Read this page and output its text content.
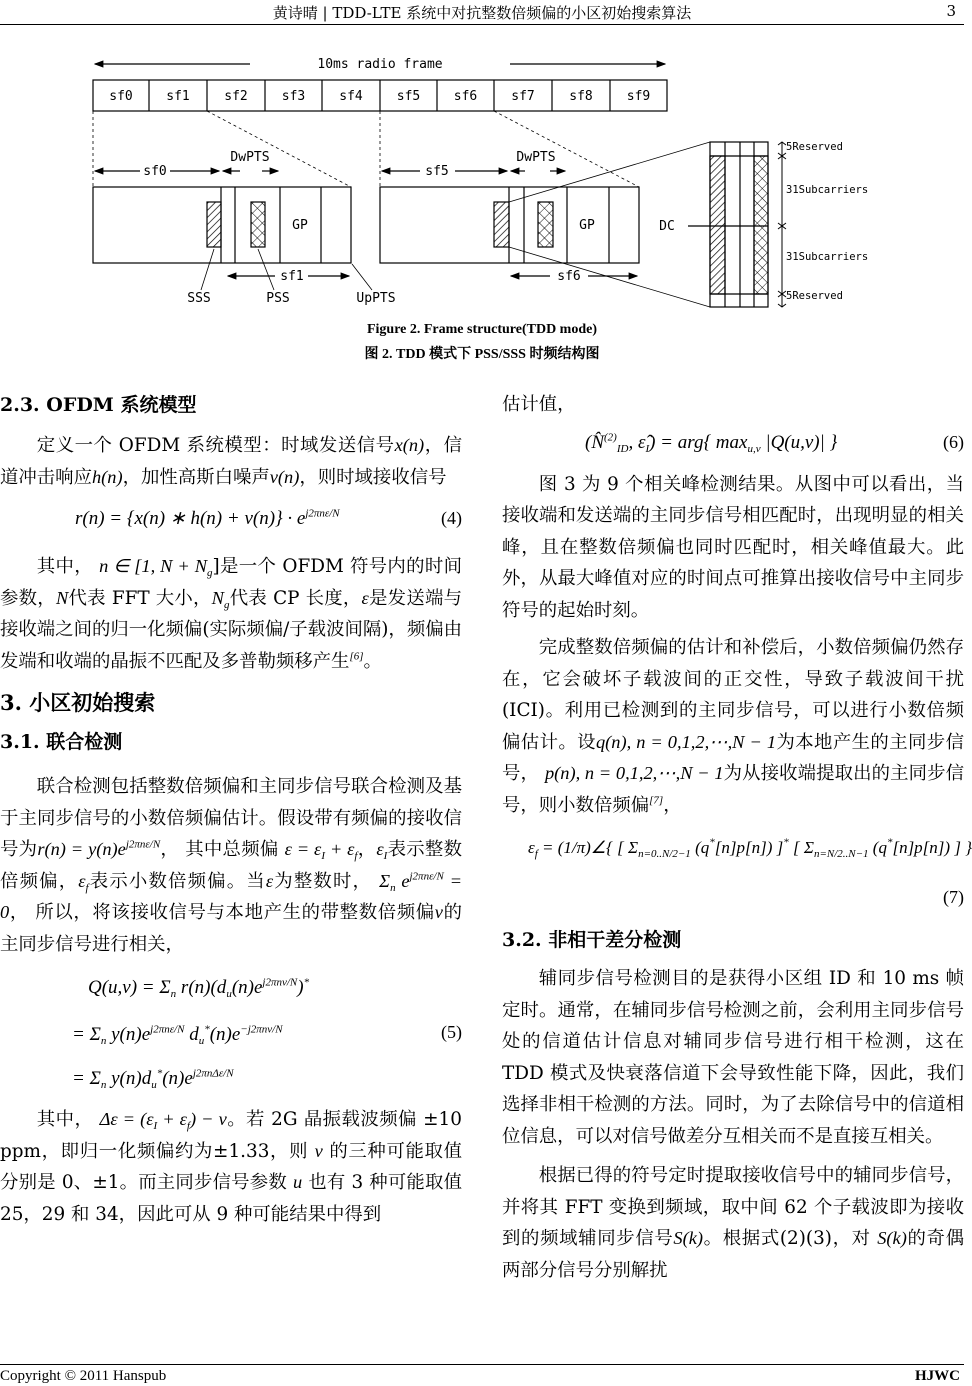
黄诗晴 | TDD-LTE 系统中对抗整数倍频偏的小区初始搜索算法	3
10ms radio frame
sf0	sf1	sf2	sf3	sf4	sf5	sf6	sf7	sf8	sf9
sf0
DwPTS
sf5
DwPTS
GP	GP
sf1	sf6
SSS	PSS	UpPTS
DC
5Reserved
31Subcarriers
31Subcarriers
5Reserved
Figure 2. Frame structure(TDD mode)
图 2. TDD 模式下 PSS/SSS 时频结构图
2.3. OFDM 系统模型
定义一个 OFDM 系统模型：时域发送信号x(n)，信道冲击响应h(n)，加性高斯白噪声v(n)，则时域接收信号
r(n) = {x(n) ∗ $h(n) + v(n)\} \cdot e^{j2\pi n\varepsilon/N}$	(4)
其中， n ∈ [1, $N + N_g$]是一个 OFDM 符号内的时间参数，N代表 FFT 大小，$N_g$代表 CP 长度，ε是发送端与接收端之间的归一化频偏(实际频偏/子载波间隔)，频偏由发端和收端的晶振不匹配及多普勒频移产生[6]。
3. 小区初始搜索
3.1. 联合检测
联合检测包括整数倍频偏和主同步信号联合检测及基于主同步信号的小数倍频偏估计。假设带有频偏的接收信号为$r(n) = y(n)e^{j2\pi n\varepsilon/N}$， 其中总频偏 $\varepsilon = \varepsilon_I + \varepsilon_f$，$\varepsilon_I$表示整数倍频偏，$\varepsilon_f$表示小数倍频偏。当ε为整数时， $\Sigma_n$ $e^{j2\pi n\varepsilon/N} = 0$， 所以，将该接收信号与本地产生的带整数倍频偏v的主同步信号进行相关，
$Q(u,v) = \Sigma_n$ $r(n)(d_u(n)e^{j2\pi nv/N})^*$
= $\Sigma_n$ $y(n)e^{j2\pi n\varepsilon/N}$ $d_u^*(n)e^{-j2\pi nv/N}$
= $\Sigma_n$ $y(n)d_u^*(n)e^{j2\pi n\Delta\varepsilon/N}$
(5)
其中， $\Delta\varepsilon = (\varepsilon_I + \varepsilon_f) - v$。若 2G 晶振载波频偏 ±10 ppm，即归一化频偏约为±1.33，则 v 的三种可能取值分别是 0、±1。而主同步信号参数 u 也有 3 种可能取值 25，29 和 34，因此可从 9 种可能结果中得到
估计值，
(N̂$^{(2)}_{ID}$, $\varepsilon̂_I) = arg${ $\max_{u,v} |Q(u,v)|$ }	(6)
图 3 为 9 个相关峰检测结果。从图中可以看出，当接收端和发送端的主同步信号相匹配时，出现明显的相关峰，且在整数倍频偏也同时匹配时，相关峰值最大。此外，从最大峰值对应的时间点可推算出接收信号中主同步符号的起始时刻。
完成整数倍频偏的估计和补偿后，小数倍频偏仍然存在，它会破坏子载波间的正交性，导致子载波间干扰(ICI)。利用已检测到的主同步信号，可以进行小数倍频偏估计。设q(n), n = 0,1,2,⋯,N − 1为本地产生的主同步信号， p(n), n = 0,1,2,⋯,N − 1为从接收端提取出的主同步信号，则小数倍频偏[7]，
$\varepsilon_f$ = (1/π)∠{ [ $\Sigma_{n=0..N/2-1}$ (q*[n]p[n]) ]* [ $\Sigma_{n=N/2..N-1}$ (q*[n]p[n]) ] }
(7)
3.2. 非相干差分检测
辅同步信号检测目的是获得小区组 ID 和 10 ms 帧定时。通常，在辅同步信号检测之前，会利用主同步信号处的信道估计信息对辅同步信号进行相干检测，这在 TDD 模式及快衰落信道下会导致性能下降，因此，我们选择非相干检测的方法。同时，为了去除信号中的信道相位信息，可以对信号做差分互相关而不是直接互相关。
根据已得的符号定时提取接收信号中的辅同步信号，并将其 FFT 变换到频域，取中间 62 个子载波即为接收到的频域辅同步信号S(k)。根据式(2)(3)，对 S(k)的奇偶两部分信号分别解扰
Copyright © 2011 Hanspub	HJWC
